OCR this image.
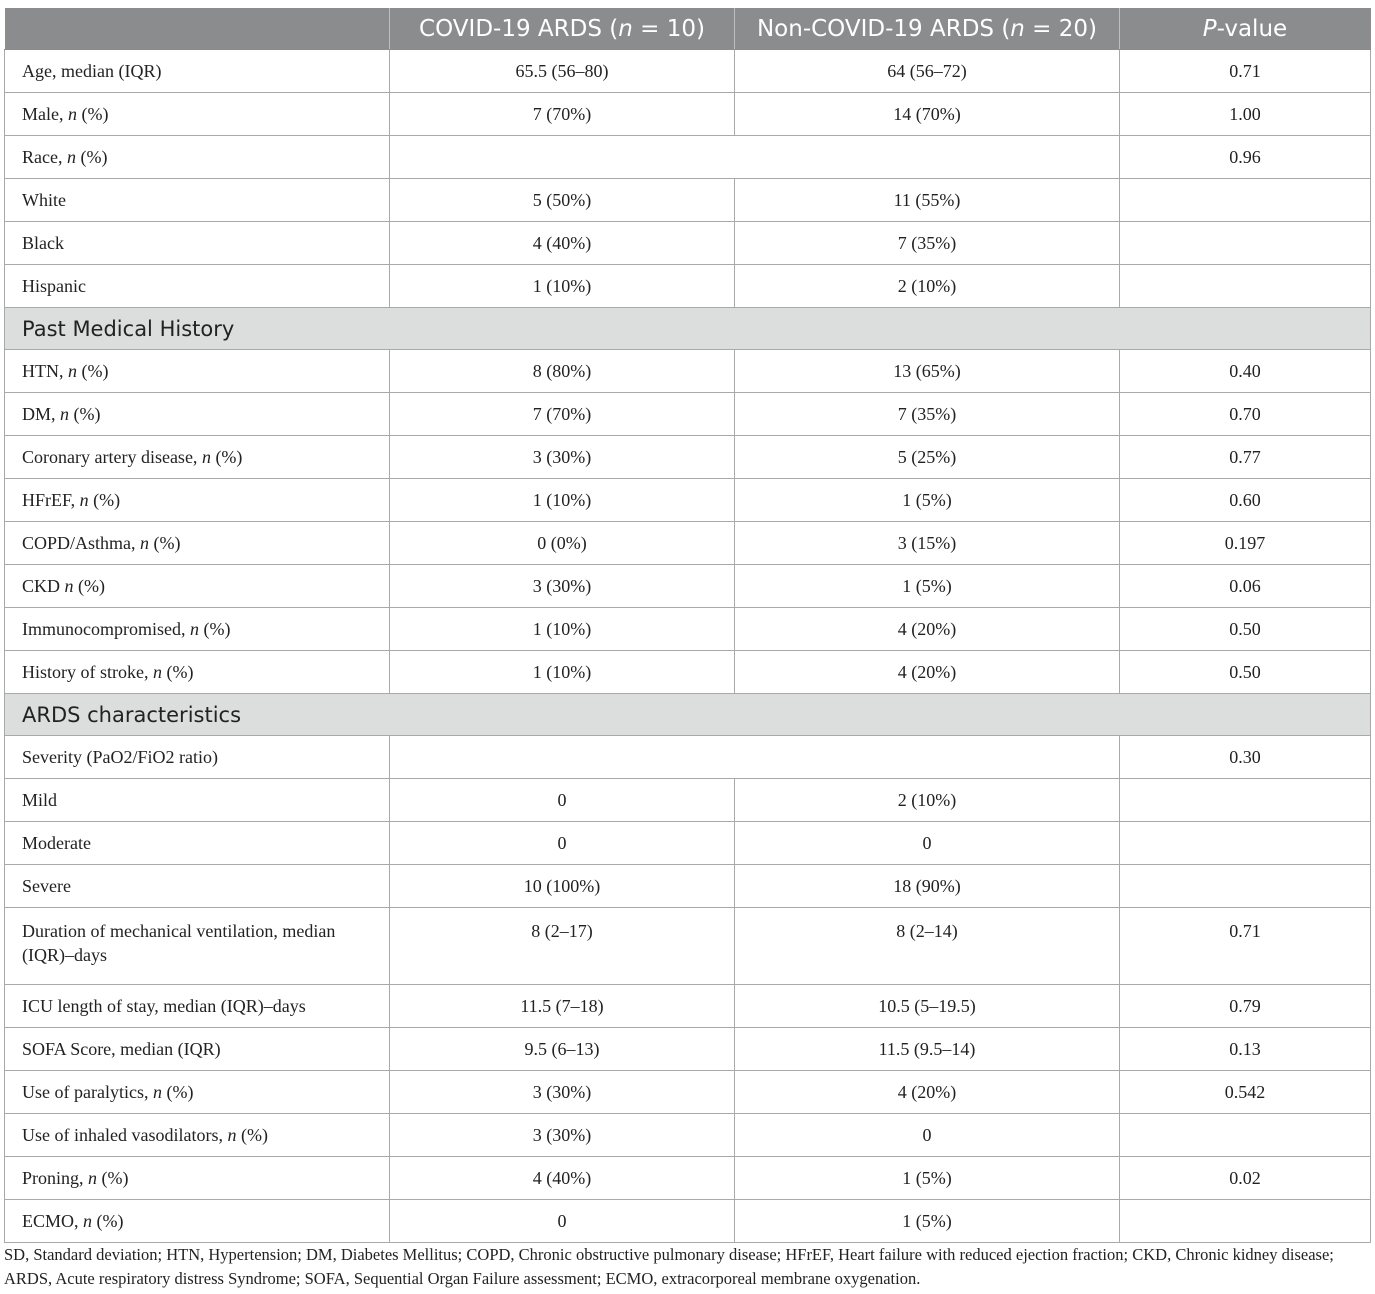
	COVID-19 ARDS (n = 10)	Non-COVID-19 ARDS (n = 20)	P-value
Age, median (IQR)	65.5 (56–80)	64 (56–72)	0.71
Male, n (%)	7 (70%)	14 (70%)	1.00
Race, n (%)			0.96
White	5 (50%)	11 (55%)	
Black	4 (40%)	7 (35%)	
Hispanic	1 (10%)	2 (10%)	
Past Medical History			
HTN, n (%)	8 (80%)	13 (65%)	0.40
DM, n (%)	7 (70%)	7 (35%)	0.70
Coronary artery disease, n (%)	3 (30%)	5 (25%)	0.77
HFrEF, n (%)	1 (10%)	1 (5%)	0.60
COPD/Asthma, n (%)	0 (0%)	3 (15%)	0.197
CKD n (%)	3 (30%)	1 (5%)	0.06
Immunocompromised, n (%)	1 (10%)	4 (20%)	0.50
History of stroke, n (%)	1 (10%)	4 (20%)	0.50
ARDS characteristics			
Severity (PaO2/FiO2 ratio)			0.30
Mild	0	2 (10%)	
Moderate	0	0	
Severe	10 (100%)	18 (90%)	
Duration of mechanical ventilation, median (IQR)–days	8 (2–17)	8 (2–14)	0.71
ICU length of stay, median (IQR)–days	11.5 (7–18)	10.5 (5–19.5)	0.79
SOFA Score, median (IQR)	9.5 (6–13)	11.5 (9.5–14)	0.13
Use of paralytics, n (%)	3 (30%)	4 (20%)	0.542
Use of inhaled vasodilators, n (%)	3 (30%)	0	
Proning, n (%)	4 (40%)	1 (5%)	0.02
ECMO, n (%)	0	1 (5%)	
SD, Standard deviation; HTN, Hypertension; DM, Diabetes Mellitus; COPD, Chronic obstructive pulmonary disease; HFrEF, Heart failure with reduced ejection fraction; CKD, Chronic kidney disease; ARDS, Acute respiratory distress Syndrome; SOFA, Sequential Organ Failure assessment; ECMO, extracorporeal membrane oxygenation.
